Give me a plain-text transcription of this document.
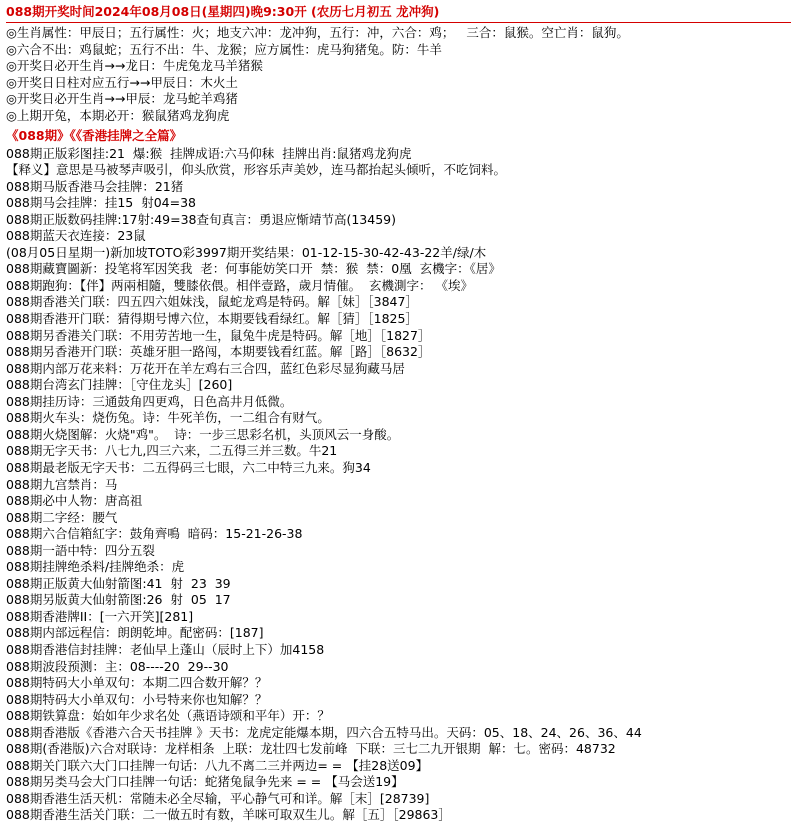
088期开奖时间2024年08月08日(星期四)晚9:30开 (农历七月初五 龙冲狗)
◎生肖属性：甲辰日；五行属性：火；地支六冲：龙冲狗，五行：冲，六合：鸡；   三合：鼠猴。空亡肖：鼠狗。
◎六合不出：鸡鼠蛇；五行不出：牛、龙猴；应方属性：虎马狗猪兔。防：牛羊
◎开奖日必开生肖→→龙日：牛虎兔龙马羊猪猴
◎开奖日日柱对应五行→→甲辰日：木火土
◎开奖日必开生肖→→甲辰：龙马蛇羊鸡猪
◎上期开兔，本期必开：猴鼠猪鸡龙狗虎
《088期》《《香港挂牌之全篇》
088期正版彩图挂:21  爆:猴  挂牌成语:六马仰秣  挂牌出肖:鼠猪鸡龙狗虎
【释义】意思是马被琴声吸引，仰头欣赏，形容乐声美妙，连马都抬起头倾听，不吃饲料。
088期马版香港马会挂牌：21猪
088期马会挂牌：挂15  射04=38
088期正版数码挂牌:17射:49=38查旬真言：勇退应惭靖节高(13459)
088期蓝天衣连接：23鼠
(08月05日星期一)新加坡TOTO彩3997期开奖结果：01-12-15-30-42-43-22羊/绿/木
088期藏寶圖新：投笔将军因笑我  老：何事能妨笑口开  禁：猴  禁：0凰  玄機字：《居》
088期跑狗：【伴】两兩相隨，雙膝依偎。相伴壹路，歲月情催。  玄機測字： 《埃》
088期香港关门联：四五四六姐妹浅，鼠蛇龙鸡是特码。解［妹］［3847］
088期香港开门联：猜得期号博六位，本期要钱看绿红。解［猜］［1825］
088期另香港关门联：不用劳苦地一生，鼠兔牛虎是特码。解［地］［1827］
088期另香港开门联：英雄牙胆一路闯，本期要钱看红蓝。解［路］［8632］
088期内部万花来料：万花开在羊左鸡右三合四，蓝红色彩尽显狗藏马居
088期台湾玄门挂牌：［守住龙头］[260]
088期挂历诗：三通鼓角四更鸡，日色高井月低微。
088期火车头：烧伤兔。诗：牛死羊伤，一二组合有财气。
088期火烧图解：火烧"鸡"。  诗：一步三思彩名机，头顶风云一身酸。
088期无字天书：八七九,四三六来，二五得三并三数。牛21
088期最老版无字天书：二五得码三七眼，六二中特三九来。狗34
088期九宫禁肖：马
088期必中人物：唐高祖
088期二字经：腰气
088期六合信箱紅字：鼓角齊鳴  暗码：15-21-26-38
088期一語中特：四分五裂
088期挂牌绝杀料/挂牌绝杀：虎
088期正版黄大仙射箭图:41  射  23  39
088期另版黄大仙射箭图:26  射  05  17
088期香港牌II：[一六开笑][281]
088期内部远程信：朗朗乾坤。配密码：[187]
088期香港信封挂牌：老仙早上蓬山（辰时上下）加4158
088期波段预测：主：08----20  29--30
088期特码大小单双句：本期二四合数开解？？
088期特码大小单双句：小号特来你也知解？？
088期铁算盘：始如年少求名处（燕语诗颂和平年）开：？
088期香港版《香港六合天书挂牌 》天书：龙虎定能爆本期，四六合五特马出。天码：05、18、24、26、36、44
088期(香港版)六合对联诗：龙样相条  上联：龙壮四七发前峰  下联：三七二九开银期  解：七。密码：48732
088期关门联六大门口挂牌一句话：八九不离二三并两边= = 【挂28送09】
088期另类马会大门口挂牌一句话：蛇猪兔鼠争先来 = = 【马会送19】
088期香港生活天机：常随未必全尽输，平心静气可和详。解［末］[28739]
088期香港生活关门联：二一做五时有数，羊咪可取双生儿。解［五］［29863］
